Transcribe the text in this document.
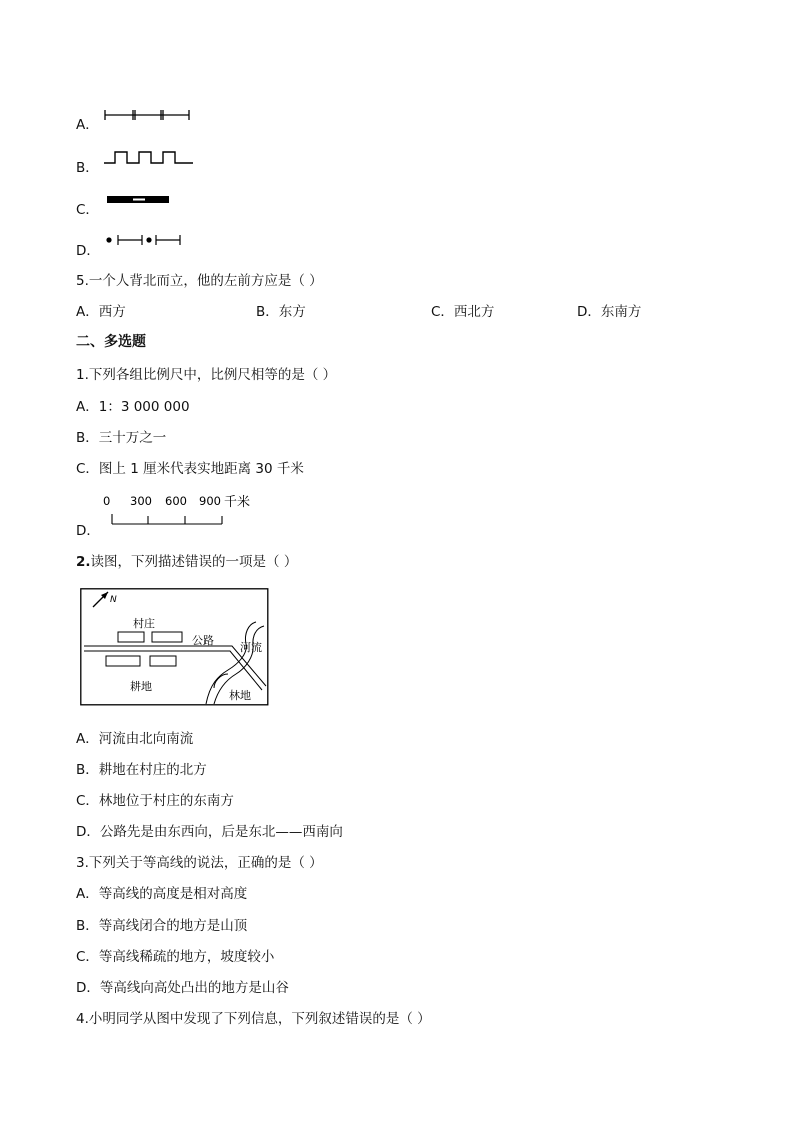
A．
B．
C．
D．
5.一个人背北而立，他的左前方应是（ ）
A．西方	B．东方	C．西北方	D．东南方
二、多选题
1.下列各组比例尺中，比例尺相等的是（ ）
A．1：3 000 000
B．三十万之一
C．图上 1 厘米代表实地距离 30 千米
D．
0 300 600 900 千米
2.读图，下列描述错误的一项是（ ）
N
村庄
公路
耕地
河流
林地
A．河流由北向南流
B．耕地在村庄的北方
C．林地位于村庄的东南方
D．公路先是由东西向，后是东北——西南向
3.下列关于等高线的说法，正确的是（ ）
A．等高线的高度是相对高度
B．等高线闭合的地方是山顶
C．等高线稀疏的地方，坡度较小
D．等高线向高处凸出的地方是山谷
4.小明同学从图中发现了下列信息，下列叙述错误的是（ ）
